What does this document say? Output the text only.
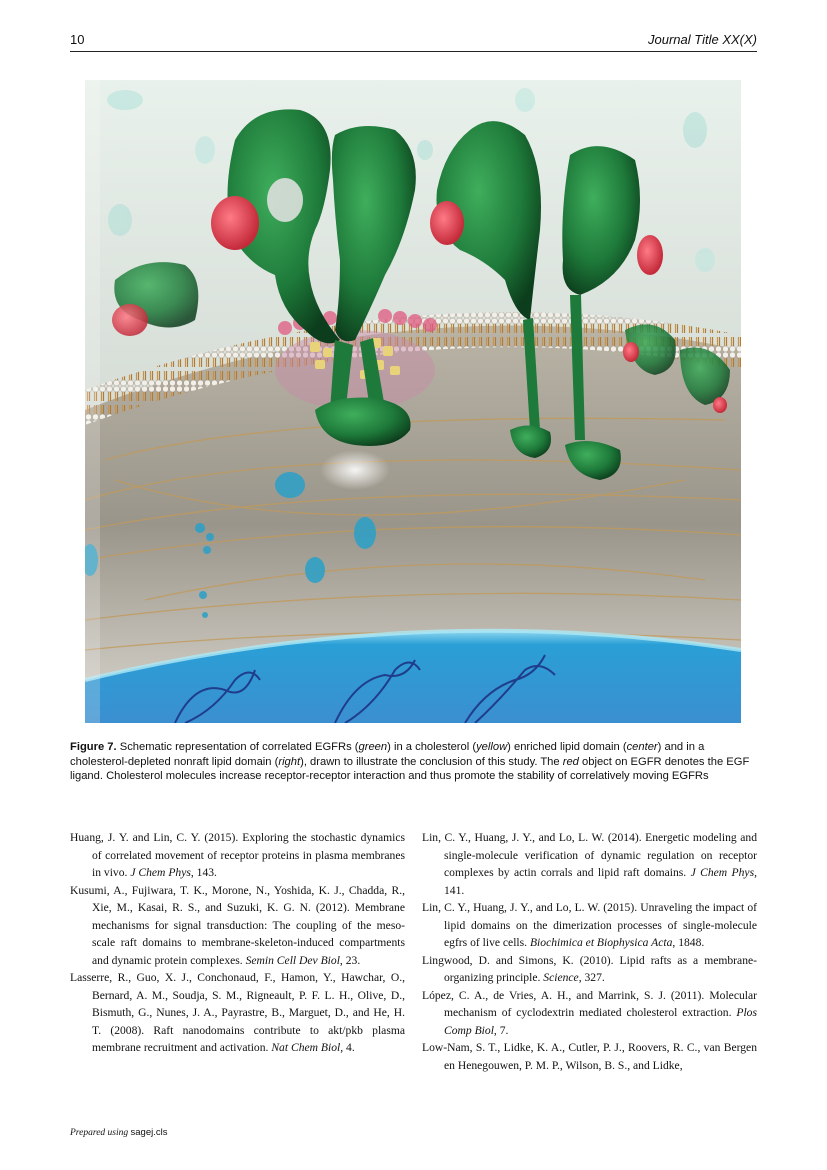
10	Journal Title XX(X)
Figure 7. Schematic representation of correlated EGFRs (green) in a cholesterol (yellow) enriched lipid domain (center) and in a cholesterol-depleted nonraft lipid domain (right), drawn to illustrate the conclusion of this study. The red object on EGFR denotes the EGF ligand. Cholesterol molecules increase receptor-receptor interaction and thus promote the stability of correlatively moving EGFRs

Huang, J. Y. and Lin, C. Y. (2015). Exploring the stochastic dynamics of correlated movement of receptor proteins in plasma membranes in vivo. J Chem Phys, 143.

Kusumi, A., Fujiwara, T. K., Morone, N., Yoshida, K. J., Chadda, R., Xie, M., Kasai, R. S., and Suzuki, K. G. N. (2012). Membrane mechanisms for signal transduction: The coupling of the meso-scale raft domains to membrane-skeleton-induced compartments and dynamic protein complexes. Semin Cell Dev Biol, 23.

Lasserre, R., Guo, X. J., Conchonaud, F., Hamon, Y., Hawchar, O., Bernard, A. M., Soudja, S. M., Rigneault, P. F. L. H., Olive, D., Bismuth, G., Nunes, J. A., Payrastre, B., Marguet, D., and He, H. T. (2008). Raft nanodomains contribute to akt/pkb plasma membrane recruitment and activation. Nat Chem Biol, 4.

Lin, C. Y., Huang, J. Y., and Lo, L. W. (2014). Energetic modeling and single-molecule verification of dynamic regulation on receptor complexes by actin corrals and lipid raft domains. J Chem Phys, 141.

Lin, C. Y., Huang, J. Y., and Lo, L. W. (2015). Unraveling the impact of lipid domains on the dimerization processes of single-molecule egfrs of live cells. Biochimica et Biophysica Acta, 1848.

Lingwood, D. and Simons, K. (2010). Lipid rafts as a membrane-organizing principle. Science, 327.

López, C. A., de Vries, A. H., and Marrink, S. J. (2011). Molecular mechanism of cyclodextrin mediated cholesterol extraction. Plos Comp Biol, 7.

Low-Nam, S. T., Lidke, K. A., Cutler, P. J., Roovers, R. C., van Bergen en Henegouwen, P. M. P., Wilson, B. S., and Lidke,

Prepared using sagej.cls
